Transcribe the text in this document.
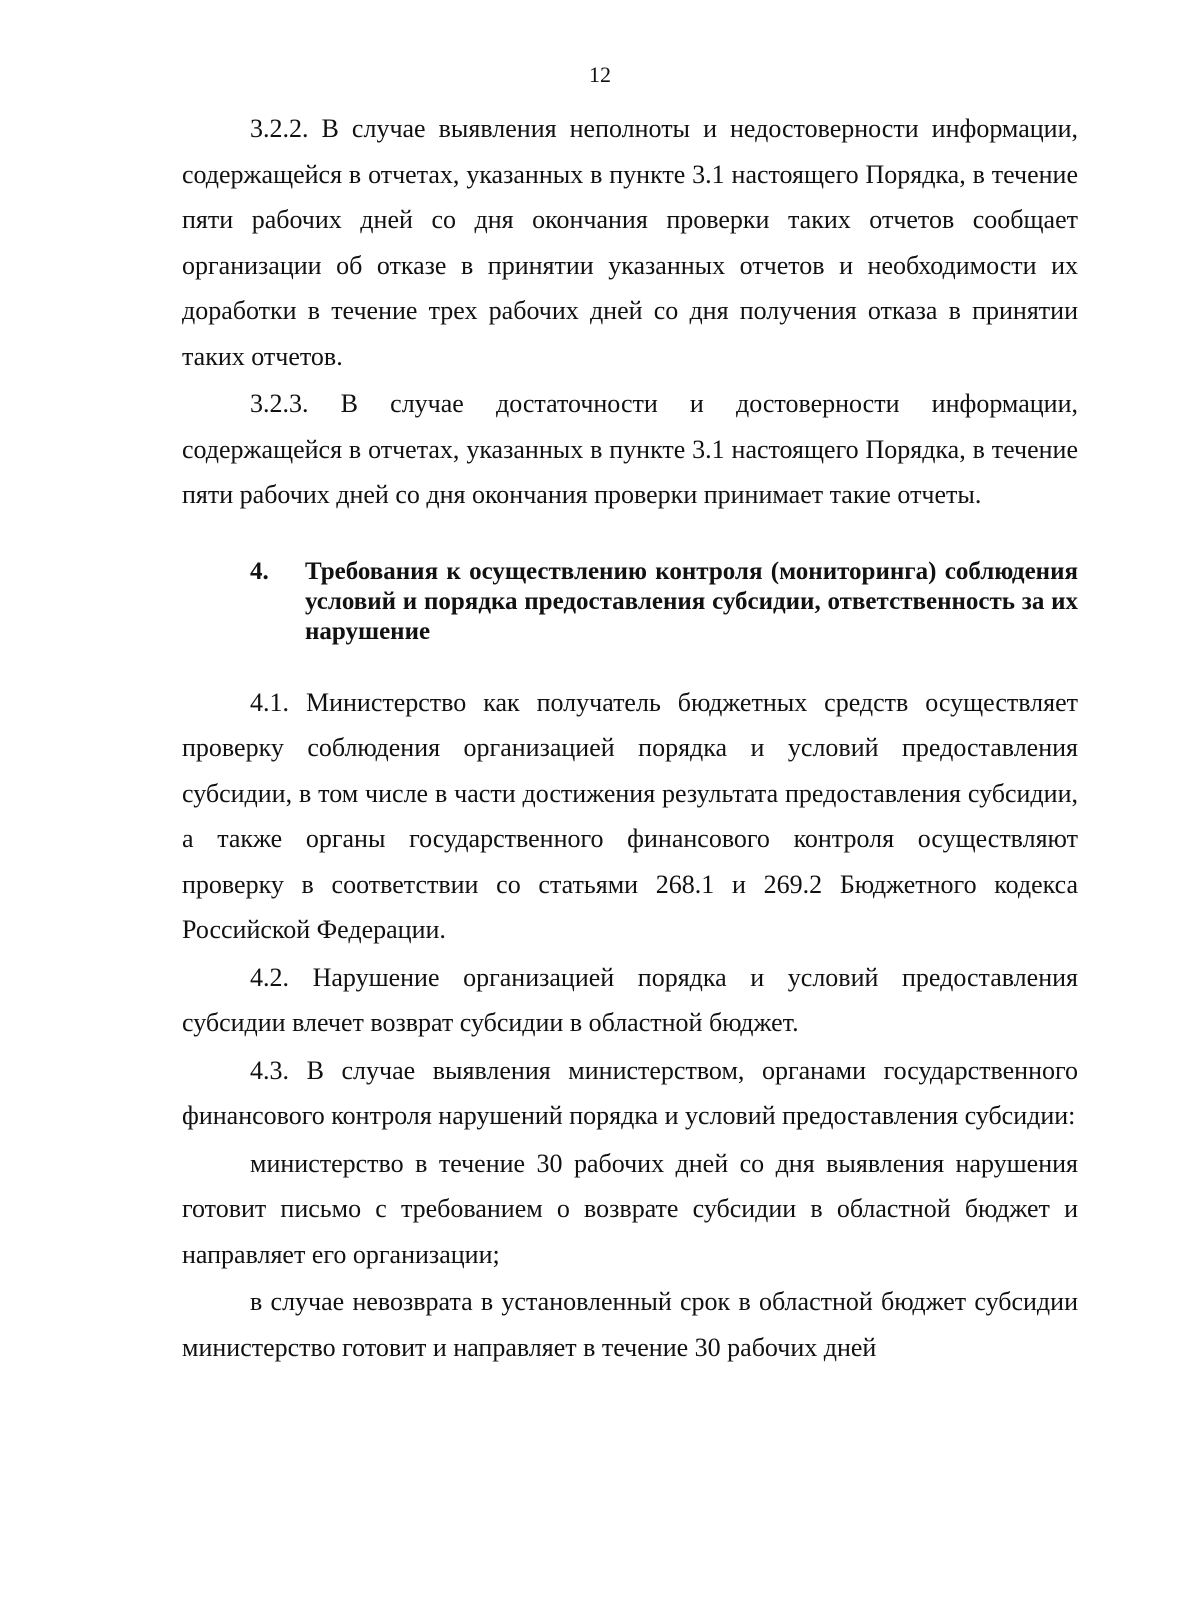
12

3.2.2. В случае выявления неполноты и недостоверности информации, содержащейся в отчетах, указанных в пункте 3.1 настоящего Порядка, в течение пяти рабочих дней со дня окончания проверки таких отчетов сообщает организации об отказе в принятии указанных отчетов и необходимости их доработки в течение трех рабочих дней со дня получения отказа в принятии таких отчетов.

3.2.3. В случае достаточности и достоверности информации, содержащейся в отчетах, указанных в пункте 3.1 настоящего Порядка, в течение пяти рабочих дней со дня окончания проверки принимает такие отчеты.

4.	Требования к осуществлению контроля (мониторинга) соблюдения условий и порядка предоставления субсидии, ответственность за их нарушение

4.1. Министерство как получатель бюджетных средств осуществляет проверку соблюдения организацией порядка и условий предоставления субсидии, в том числе в части достижения результата предоставления субсидии, а также органы государственного финансового контроля осуществляют проверку в соответствии со статьями 268.1 и 269.2 Бюджетного кодекса Российской Федерации.

4.2. Нарушение организацией порядка и условий предоставления субсидии влечет возврат субсидии в областной бюджет.

4.3. В случае выявления министерством, органами государственного финансового контроля нарушений порядка и условий предоставления субсидии:

министерство в течение 30 рабочих дней со дня выявления нарушения готовит письмо с требованием о возврате субсидии в областной бюджет и направляет его организации;

в случае невозврата в установленный срок в областной бюджет субсидии министерство готовит и направляет в течение 30 рабочих дней
